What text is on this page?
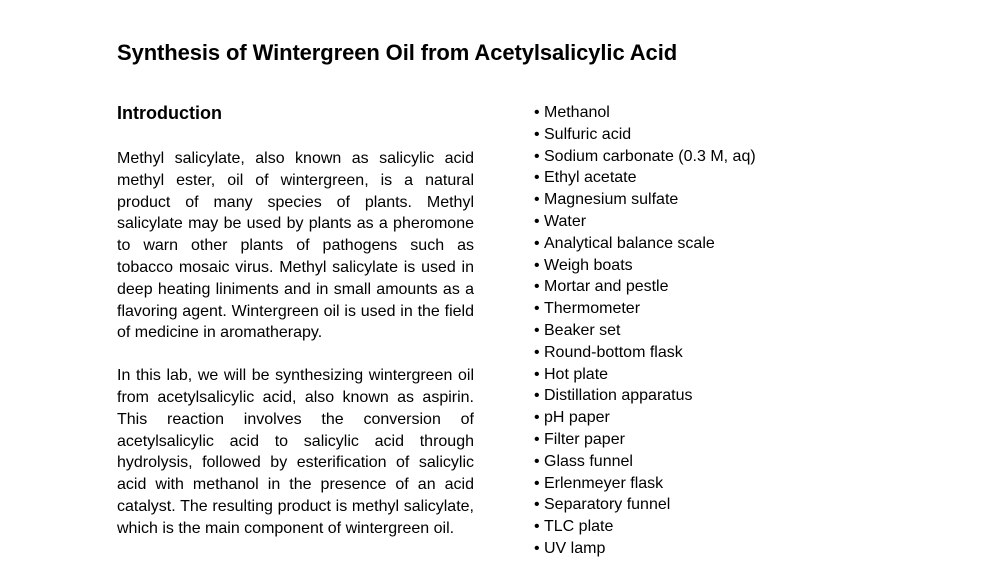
Synthesis of Wintergreen Oil from Acetylsalicylic Acid
Introduction

Methyl salicylate, also known as salicylic acid methyl ester, oil of wintergreen, is a natural product of many species of plants. Methyl salicylate may be used by plants as a pheromone to warn other plants of pathogens such as tobacco mosaic virus. Methyl salicylate is used in deep heating liniments and in small amounts as a flavoring agent. Wintergreen oil is used in the field of medicine in aromatherapy.

In this lab, we will be synthesizing wintergreen oil from acetylsalicylic acid, also known as aspirin. This reaction involves the conversion of acetylsalicylic acid to salicylic acid through hydrolysis, followed by esterification of salicylic acid with methanol in the presence of an acid catalyst. The resulting product is methyl salicylate, which is the main component of wintergreen oil.

• Methanol
• Sulfuric acid
• Sodium carbonate (0.3 M, aq)
• Ethyl acetate
• Magnesium sulfate
• Water
• Analytical balance scale
• Weigh boats
• Mortar and pestle
• Thermometer
• Beaker set
• Round-bottom flask
• Hot plate
• Distillation apparatus
• pH paper
• Filter paper
• Glass funnel
• Erlenmeyer flask
• Separatory funnel
• TLC plate
• UV lamp
